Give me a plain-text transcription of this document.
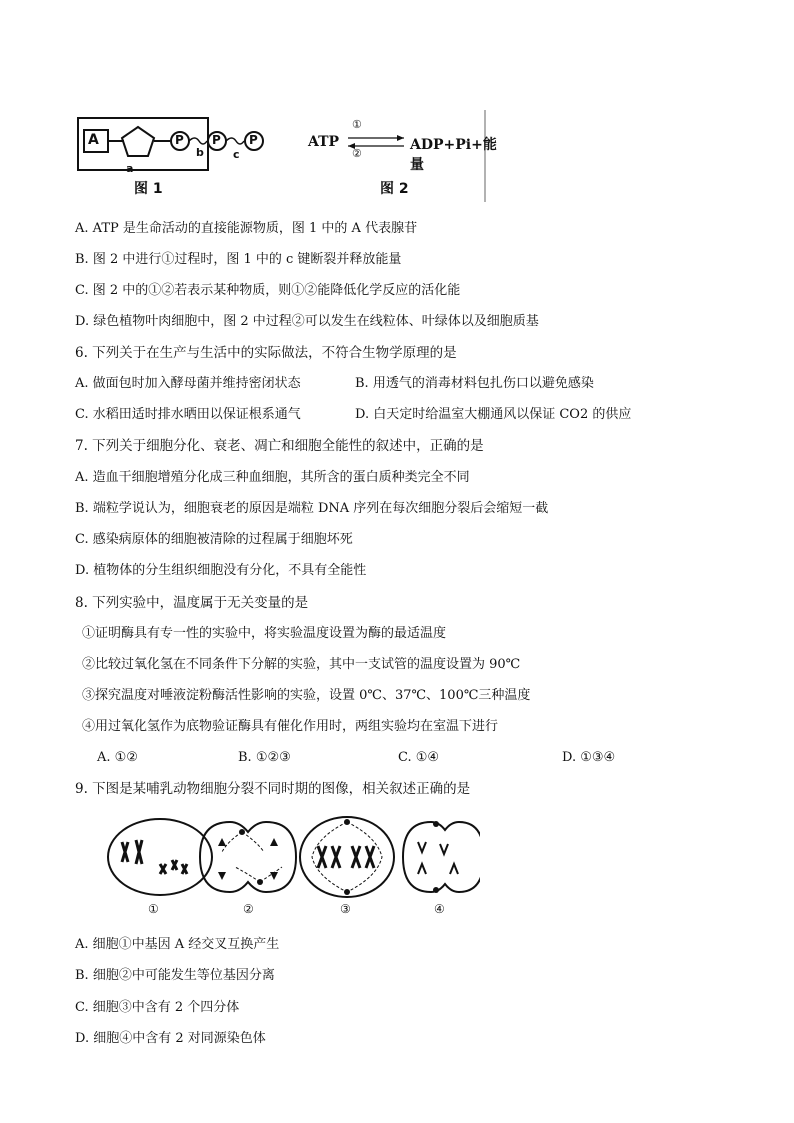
A	P P P
a
b	c
图 1
ATP
①
②
ADP+Pi+能量
图 2
A. ATP 是生命活动的直接能源物质，图 1 中的 A 代表腺苷
B. 图 2 中进行①过程时，图 1 中的 c 键断裂并释放能量
C. 图 2 中的①②若表示某种物质，则①②能降低化学反应的活化能
D. 绿色植物叶肉细胞中，图 2 中过程②可以发生在线粒体、叶绿体以及细胞质基
6. 下列关于在生产与生活中的实际做法，不符合生物学原理的是
A. 做面包时加入酵母菌并维持密闭状态	B. 用透气的消毒材料包扎伤口以避免感染
C. 水稻田适时排水晒田以保证根系通气	D. 白天定时给温室大棚通风以保证 CO2 的供应
7. 下列关于细胞分化、衰老、凋亡和细胞全能性的叙述中，正确的是
A. 造血干细胞增殖分化成三种血细胞，其所含的蛋白质种类完全不同
B. 端粒学说认为，细胞衰老的原因是端粒 DNA 序列在每次细胞分裂后会缩短一截
C. 感染病原体的细胞被清除的过程属于细胞坏死
D. 植物体的分生组织细胞没有分化，不具有全能性
8. 下列实验中，温度属于无关变量的是
①证明酶具有专一性的实验中，将实验温度设置为酶的最适温度
②比较过氧化氢在不同条件下分解的实验，其中一支试管的温度设置为 90℃
③探究温度对唾液淀粉酶活性影响的实验，设置 0℃、37℃、100℃三种温度
④用过氧化氢作为底物验证酶具有催化作用时，两组实验均在室温下进行
A. ①②	B. ①②③	C. ①④	D. ①③④
9. 下图是某哺乳动物细胞分裂不同时期的图像，相关叙述正确的是
①	②	③	④
A. 细胞①中基因 A 经交叉互换产生
B. 细胞②中可能发生等位基因分离
C. 细胞③中含有 2 个四分体
D. 细胞④中含有 2 对同源染色体
